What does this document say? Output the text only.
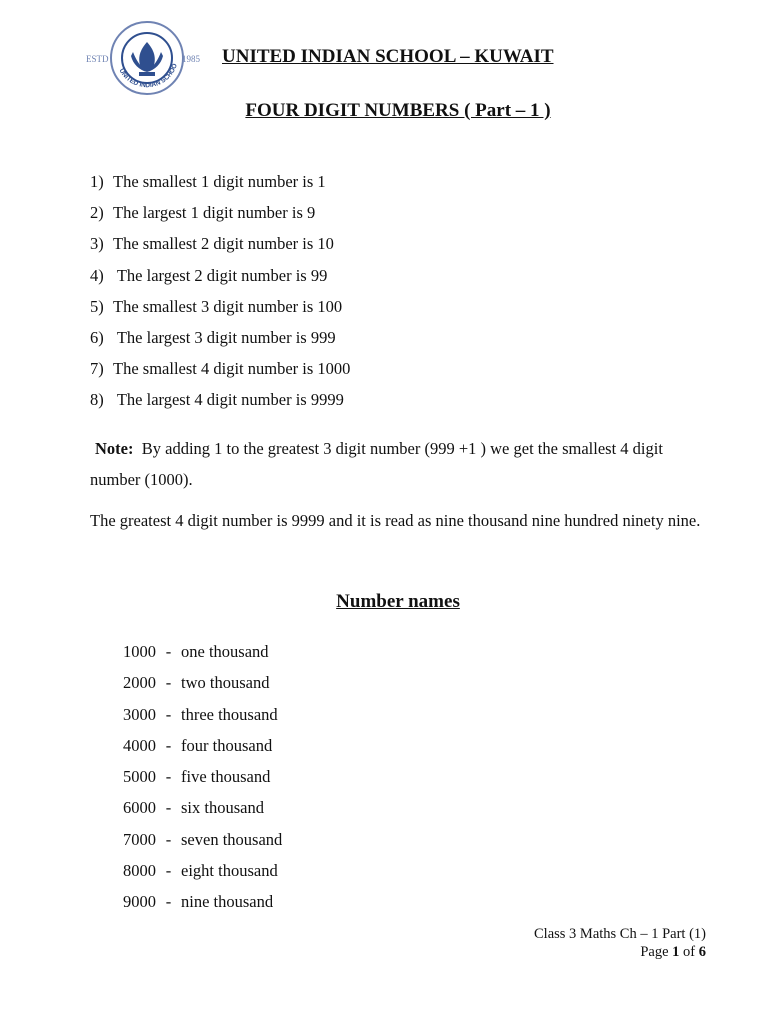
ESTD	1985
UNITED INDIAN SCHOO UNITED INDIAN SCHOOL – KUWAIT
FOUR DIGIT NUMBERS ( Part – 1 )
1) The smallest 1 digit number is 1
2) The largest 1 digit number is 9
3) The smallest 2 digit number is 10
4) The largest 2 digit number is 99
5) The smallest 3 digit number is 100
6) The largest 3 digit number is 999
7) The smallest 4 digit number is 1000
8) The largest 4 digit number is 9999

Note: By adding 1 to the greatest 3 digit number (999 +1 ) we get the smallest 4 digit number (1000).

The greatest 4 digit number is 9999 and it is read as nine thousand nine hundred ninety nine.

Number names
1000 - one thousand
2000 - two thousand
3000 - three thousand
4000 - four thousand
5000 - five thousand
6000 - six thousand
7000 - seven thousand
8000 - eight thousand
9000 - nine thousand
Class 3 Maths Ch – 1 Part (1)
Page 1 of 6
